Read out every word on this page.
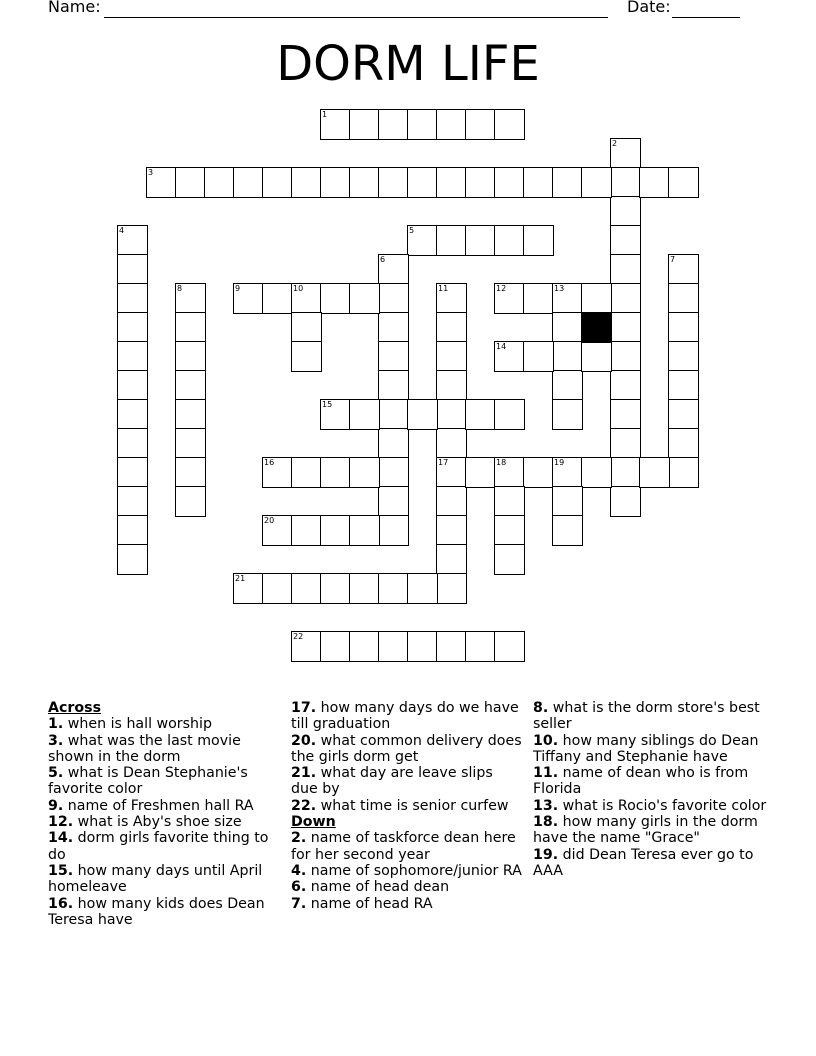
Name:	Date:
DORM LIFE
1
2
3
4	5
6	7
8	9	10	11
17
12	13
14
15
16	18	19
20
21
22
Across
1. when is hall worship
3. what was the last movie shown in the dorm
5. what is Dean Stephanie's favorite color
9. name of Freshmen hall RA
12. what is Aby's shoe size
14. dorm girls favorite thing to do
15. how many days until April homeleave
16. how many kids does Dean Teresa have
17. how many days do we have till graduation
20. what common delivery does the girls dorm get
21. what day are leave slips due by
22. what time is senior curfew
Down
2. name of taskforce dean here for her second year
4. name of sophomore/junior RA
6. name of head dean
7. name of head RA
8. what is the dorm store's best seller
10. how many siblings do Dean Tiffany and Stephanie have
11. name of dean who is from Florida
13. what is Rocio's favorite color
18. how many girls in the dorm have the name "Grace"
19. did Dean Teresa ever go to AAA
